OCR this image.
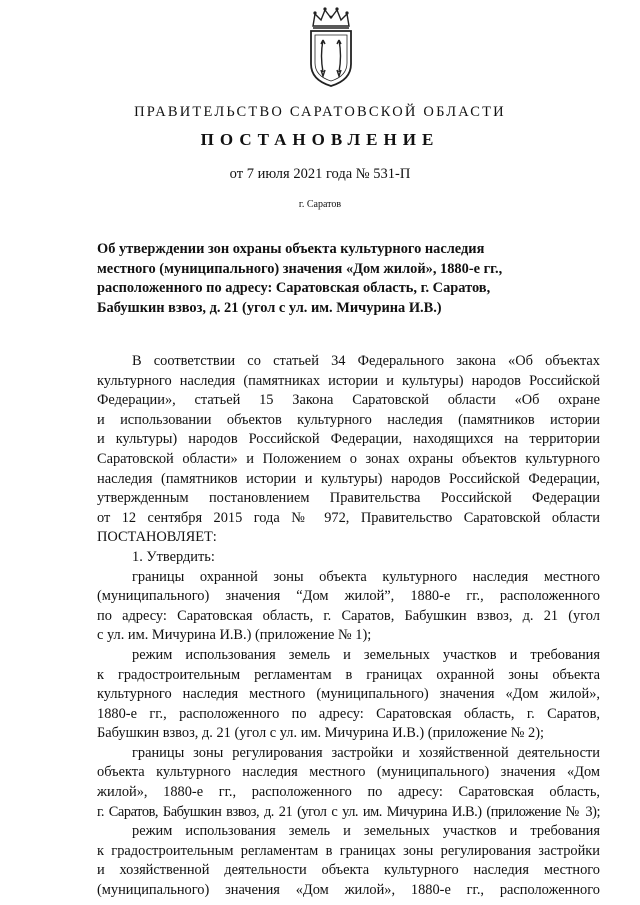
ПРАВИТЕЛЬСТВО САРАТОВСКОЙ ОБЛАСТИ
ПОСТАНОВЛЕНИЕ
от 7 июля 2021 года № 531-П
г. Саратов
Об утверждении зон охраны объекта культурного наследия
местного (муниципального) значения «Дом жилой», 1880-е гг.,
расположенного по адресу: Саратовская область, г. Саратов,
Бабушкин взвоз, д. 21 (угол с ул. им. Мичурина И.В.)
В соответствии со статьей 34 Федерального закона «Об объектах
культурного наследия (памятниках истории и культуры) народов Российской
Федерации», статьей 15 Закона Саратовской области «Об охране
и использовании объектов культурного наследия (памятников истории
и культуры) народов Российской Федерации, находящихся на территории
Саратовской области» и Положением о зонах охраны объектов культурного
наследия (памятников истории и культуры) народов Российской Федерации,
утвержденным постановлением Правительства Российской Федерации
от 12 сентября 2015 года № 972, Правительство Саратовской области
ПОСТАНОВЛЯЕТ:
1. Утвердить:
границы охранной зоны объекта культурного наследия местного
(муниципального) значения “Дом жилой”, 1880-е гг., расположенного
по адресу: Саратовская область, г. Саратов, Бабушкин взвоз, д. 21 (угол
с ул. им. Мичурина И.В.) (приложение № 1);
режим использования земель и земельных участков и требования
к градостроительным регламентам в границах охранной зоны объекта
культурного наследия местного (муниципального) значения «Дом жилой»,
1880-е гг., расположенного по адресу: Саратовская область, г. Саратов,
Бабушкин взвоз, д. 21 (угол с ул. им. Мичурина И.В.) (приложение № 2);
границы зоны регулирования застройки и хозяйственной деятельности
объекта культурного наследия местного (муниципального) значения «Дом
жилой», 1880-е гг., расположенного по адресу: Саратовская область,
г. Саратов, Бабушкин взвоз, д. 21 (угол с ул. им. Мичурина И.В.) (приложение № 3);
режим использования земель и земельных участков и требования
к градостроительным регламентам в границах зоны регулирования застройки
и хозяйственной деятельности объекта культурного наследия местного
(муниципального) значения «Дом жилой», 1880-е гг., расположенного
